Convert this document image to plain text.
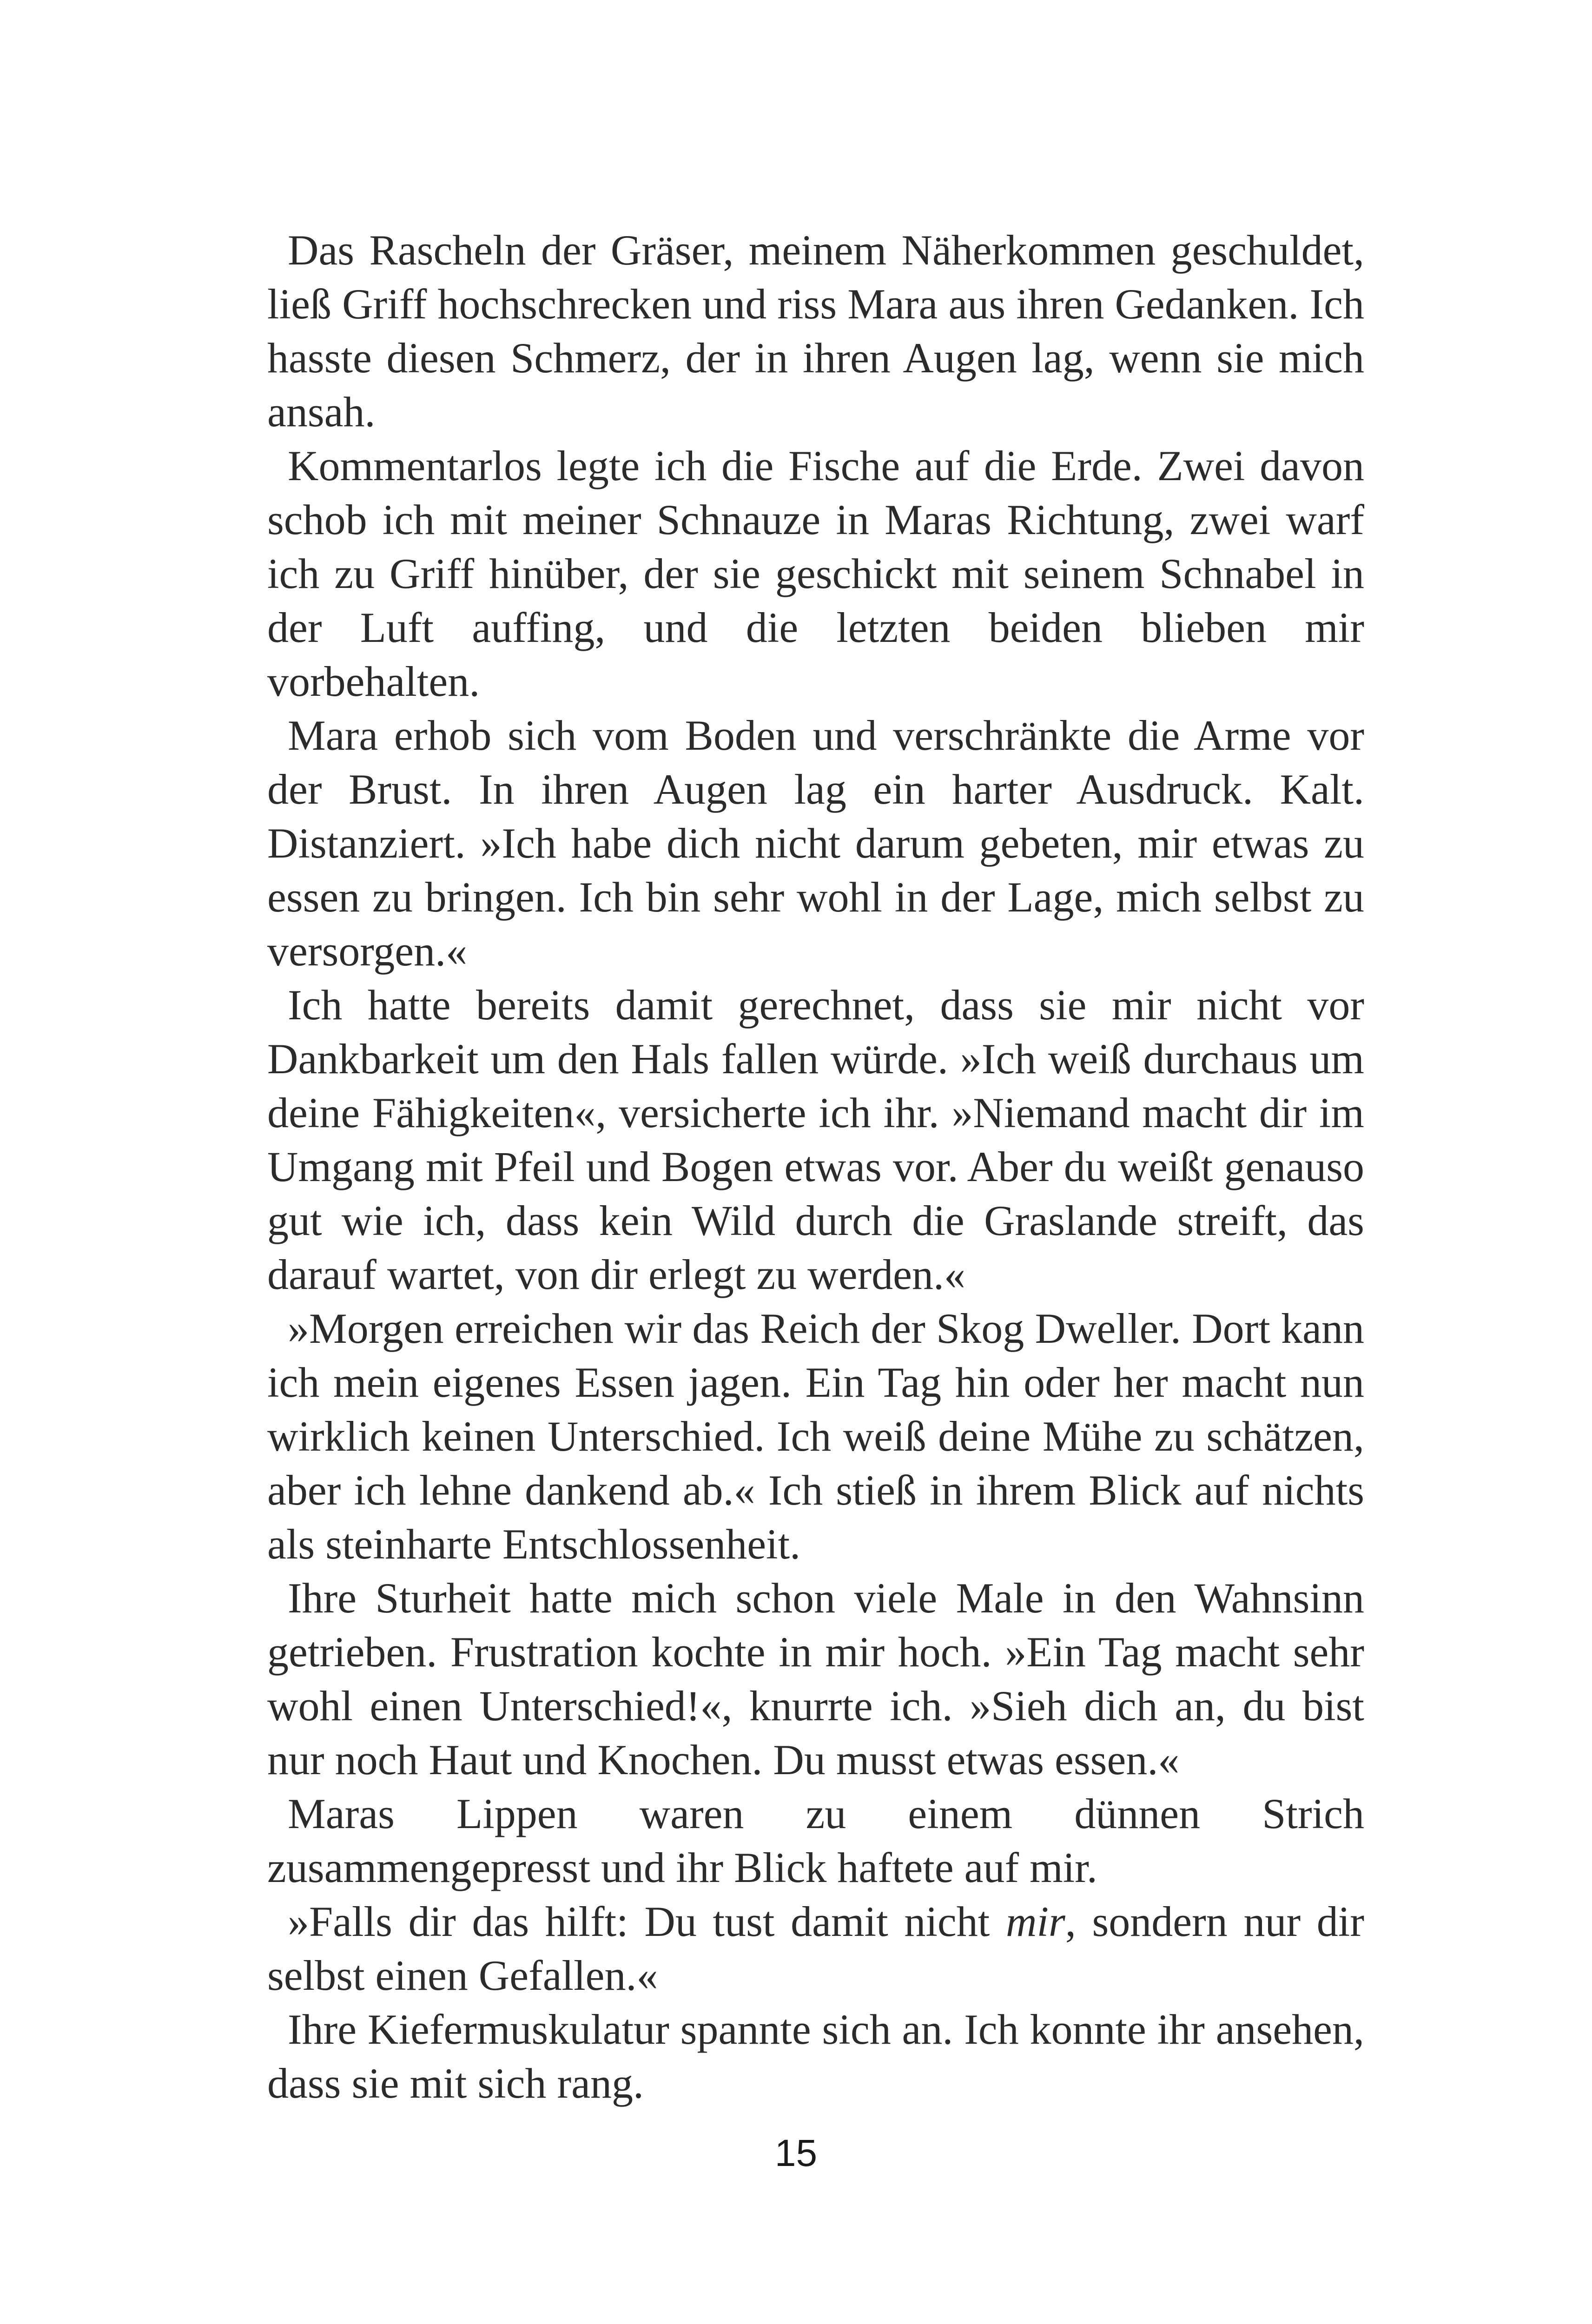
Das Rascheln der Gräser, meinem Näherkommen geschuldet, ließ Griff hochschrecken und riss Mara aus ihren Gedanken. Ich hasste diesen Schmerz, der in ihren Augen lag, wenn sie mich ansah.

Kommentarlos legte ich die Fische auf die Erde. Zwei davon schob ich mit meiner Schnauze in Maras Richtung, zwei warf ich zu Griff hinüber, der sie geschickt mit seinem Schnabel in der Luft auffing, und die letzten beiden blieben mir vorbehalten.

Mara erhob sich vom Boden und verschränkte die Arme vor der Brust. In ihren Augen lag ein harter Ausdruck. Kalt. Distanziert. »Ich habe dich nicht darum gebeten, mir etwas zu essen zu bringen. Ich bin sehr wohl in der Lage, mich selbst zu versorgen.«

Ich hatte bereits damit gerechnet, dass sie mir nicht vor Dankbarkeit um den Hals fallen würde. »Ich weiß durchaus um deine Fähigkeiten«, versicherte ich ihr. »Niemand macht dir im Umgang mit Pfeil und Bogen etwas vor. Aber du weißt genauso gut wie ich, dass kein Wild durch die Graslande streift, das darauf wartet, von dir erlegt zu werden.«

»Morgen erreichen wir das Reich der Skog Dweller. Dort kann ich mein eigenes Essen jagen. Ein Tag hin oder her macht nun wirklich keinen Unterschied. Ich weiß deine Mühe zu schätzen, aber ich lehne dankend ab.« Ich stieß in ihrem Blick auf nichts als steinharte Entschlossenheit.

Ihre Sturheit hatte mich schon viele Male in den Wahnsinn getrieben. Frustration kochte in mir hoch. »Ein Tag macht sehr wohl einen Unterschied!«, knurrte ich. »Sieh dich an, du bist nur noch Haut und Knochen. Du musst etwas essen.«

Maras Lippen waren zu einem dünnen Strich zusammengepresst und ihr Blick haftete auf mir.

»Falls dir das hilft: Du tust damit nicht mir, sondern nur dir selbst einen Gefallen.«

Ihre Kiefermuskulatur spannte sich an. Ich konnte ihr ansehen, dass sie mit sich rang.

15
